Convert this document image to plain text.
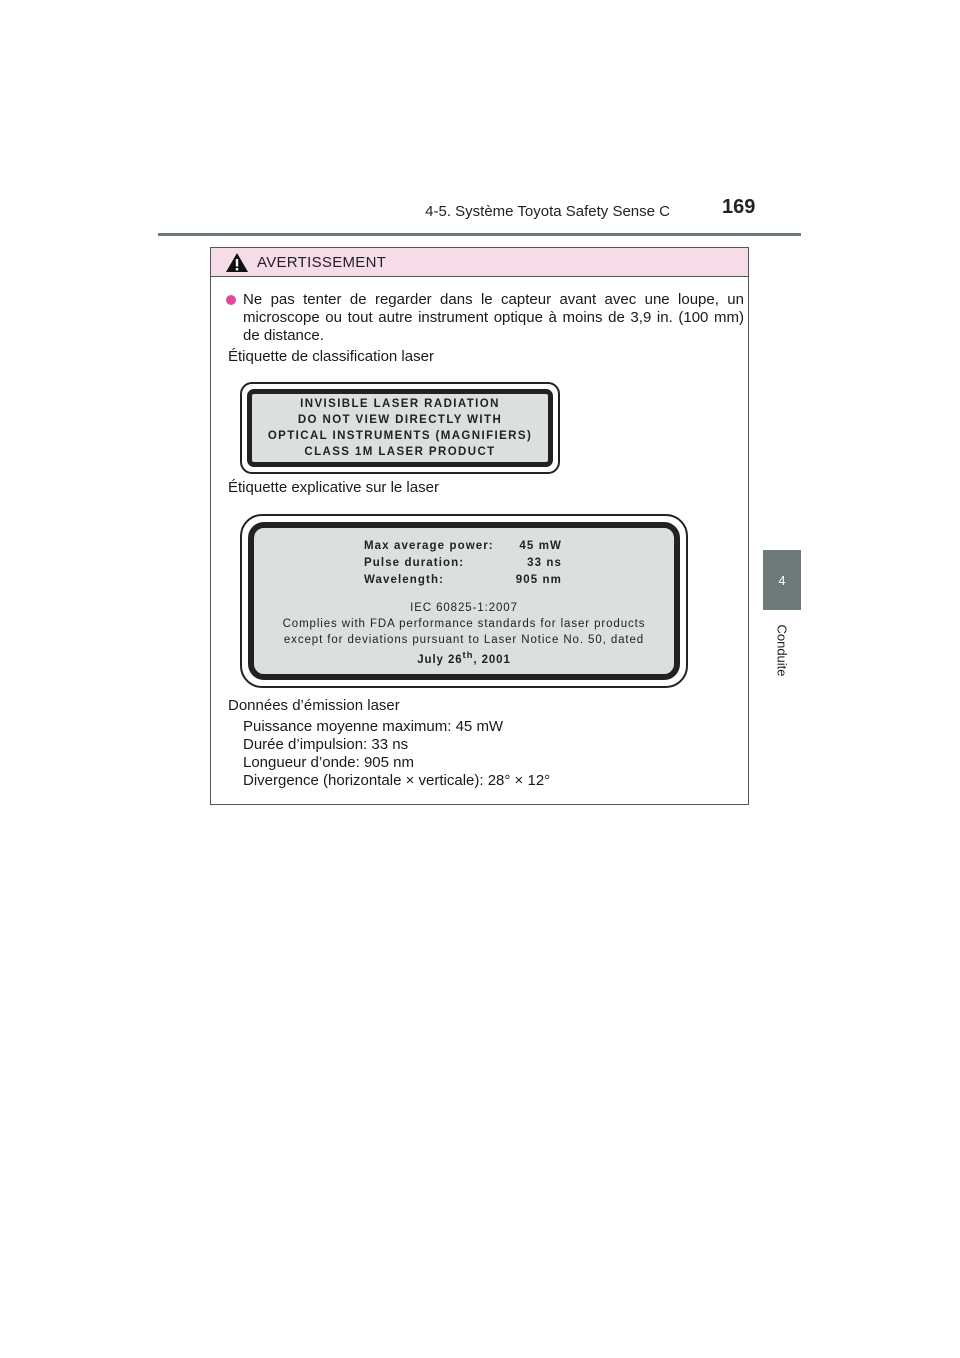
4-5. Système Toyota Safety Sense C	169
4
Conduite
AVERTISSEMENT
Ne pas tenter de regarder dans le capteur avant avec une loupe, un microscope ou tout autre instrument optique à moins de 3,9 in. (100 mm) de distance.
Étiquette de classification laser
INVISIBLE LASER RADIATION
DO NOT VIEW DIRECTLY WITH
OPTICAL INSTRUMENTS (MAGNIFIERS)
CLASS 1M LASER PRODUCT
Étiquette explicative sur le laser
Max average power:	45 mW
Pulse duration:	33 ns
Wavelength:	905 nm
IEC 60825-1:2007
Complies with FDA performance standards for laser products
except for deviations pursuant to Laser Notice No. 50, dated
July 26th, 2001
Données d’émission laser
Puissance moyenne maximum: 45 mW
Durée d’impulsion: 33 ns
Longueur d’onde: 905 nm
Divergence (horizontale × verticale): 28° × 12°
